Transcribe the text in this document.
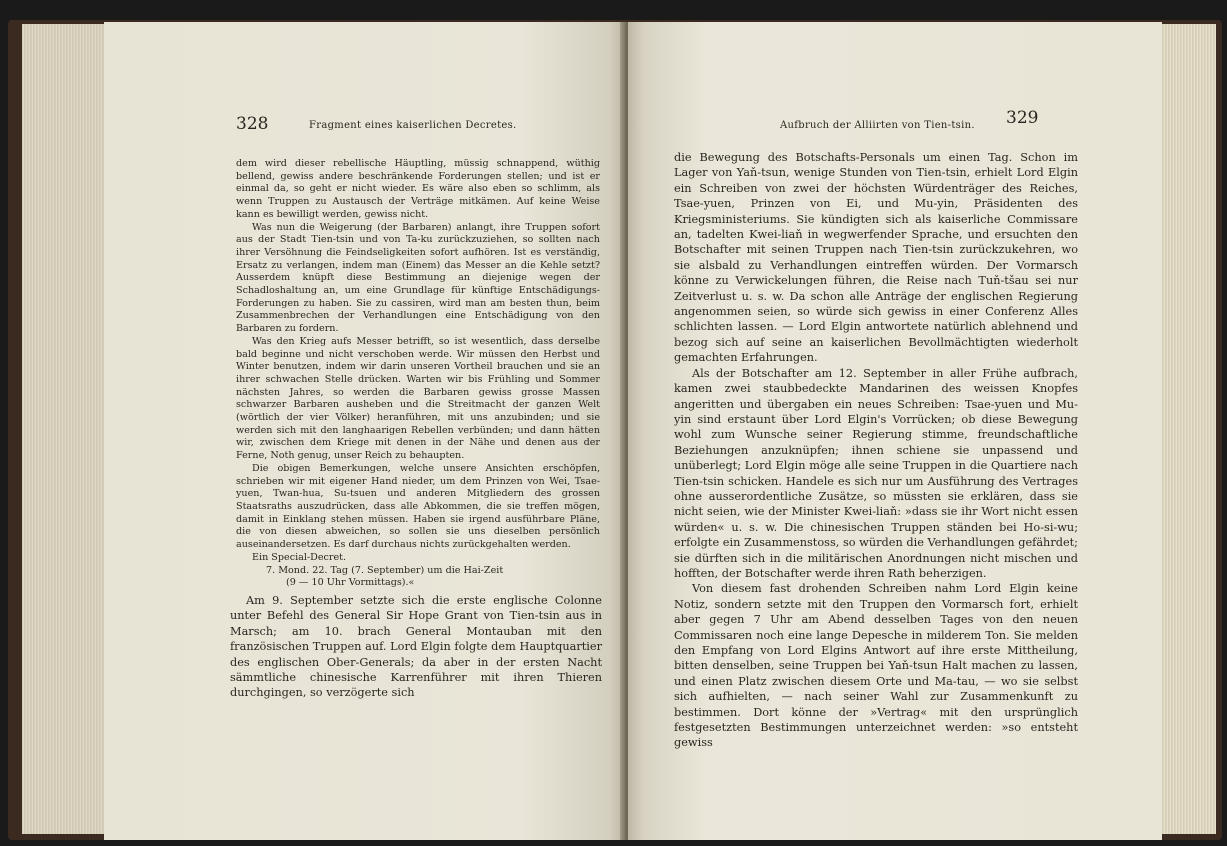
328	Fragment eines kaiserlichen Decretes.

dem wird dieser rebellische Häuptling, müssig schnappend, wüthig bellend, gewiss andere beschränkende Forderungen stellen; und ist er einmal da, so geht er nicht wieder. Es wäre also eben so schlimm, als wenn Truppen zu Austausch der Verträge mitkämen. Auf keine Weise kann es bewilligt werden, gewiss nicht.

Was nun die Weigerung (der Barbaren) anlangt, ihre Truppen sofort aus der Stadt Tien-tsin und von Ta-ku zurückzuziehen, so sollten nach ihrer Versöhnung die Feindseligkeiten sofort aufhören. Ist es verständig, Ersatz zu verlangen, indem man (Einem) das Messer an die Kehle setzt? Ausserdem knüpft diese Bestimmung an diejenige wegen der Schadloshaltung an, um eine Grundlage für künftige Entschädigungs-Forderungen zu haben. Sie zu cassiren, wird man am besten thun, beim Zusammenbrechen der Verhandlungen eine Entschädigung von den Barbaren zu fordern.

Was den Krieg aufs Messer betrifft, so ist wesentlich, dass derselbe bald beginne und nicht verschoben werde. Wir müssen den Herbst und Winter benutzen, indem wir darin unseren Vortheil brauchen und sie an ihrer schwachen Stelle drücken. Warten wir bis Frühling und Sommer nächsten Jahres, so werden die Barbaren gewiss grosse Massen schwarzer Barbaren ausheben und die Streitmacht der ganzen Welt (wörtlich der vier Völker) heranführen, mit uns anzubinden; und sie werden sich mit den langhaarigen Rebellen verbünden; und dann hätten wir, zwischen dem Kriege mit denen in der Nähe und denen aus der Ferne, Noth genug, unser Reich zu behaupten.

Die obigen Bemerkungen, welche unsere Ansichten erschöpfen, schrieben wir mit eigener Hand nieder, um dem Prinzen von Wei, Tsae-yuen, Twan-hua, Su-tsuen und anderen Mitgliedern des grossen Staatsraths auszudrücken, dass alle Abkommen, die sie treffen mögen, damit in Einklang stehen müssen. Haben sie irgend ausführbare Pläne, die von diesen abweichen, so sollen sie uns dieselben persönlich auseinandersetzen. Es darf durchaus nichts zurückgehalten werden.

Ein Special-Decret.

7. Mond. 22. Tag (7. September) um die Hai-Zeit

(9 — 10 Uhr Vormittags).«

Am 9. September setzte sich die erste englische Colonne unter Befehl des General Sir Hope Grant von Tien-tsin aus in Marsch; am 10. brach General Montauban mit den französischen Truppen auf. Lord Elgin folgte dem Hauptquartier des englischen Ober-Generals; da aber in der ersten Nacht sämmtliche chinesische Karrenführer mit ihren Thieren durchgingen, so verzögerte sich

Aufbruch der Alliirten von Tien-tsin. 329

die Bewegung des Botschafts-Personals um einen Tag. Schon im Lager von Yaň-tsun, wenige Stunden von Tien-tsin, erhielt Lord Elgin ein Schreiben von zwei der höchsten Würdenträger des Reiches, Tsae-yuen, Prinzen von Ei, und Mu-yin, Präsidenten des Kriegsministeriums. Sie kündigten sich als kaiserliche Commissare an, tadelten Kwei-liaň in wegwerfender Sprache, und ersuchten den Botschafter mit seinen Truppen nach Tien-tsin zurückzukehren, wo sie alsbald zu Verhandlungen eintreffen würden. Der Vormarsch könne zu Verwickelungen führen, die Reise nach Tuň-tšau sei nur Zeitverlust u. s. w. Da schon alle Anträge der englischen Regierung angenommen seien, so würde sich gewiss in einer Conferenz Alles schlichten lassen. — Lord Elgin antwortete natürlich ablehnend und bezog sich auf seine an kaiserlichen Bevollmächtigten wiederholt gemachten Erfahrungen.

Als der Botschafter am 12. September in aller Frühe aufbrach, kamen zwei staubbedeckte Mandarinen des weissen Knopfes angeritten und übergaben ein neues Schreiben: Tsae-yuen und Mu-yin sind erstaunt über Lord Elgin's Vorrücken; ob diese Bewegung wohl zum Wunsche seiner Regierung stimme, freundschaftliche Beziehungen anzuknüpfen; ihnen schiene sie unpassend und unüberlegt; Lord Elgin möge alle seine Truppen in die Quartiere nach Tien-tsin schicken. Handele es sich nur um Ausführung des Vertrages ohne ausserordentliche Zusätze, so müssten sie erklären, dass sie nicht seien, wie der Minister Kwei-liaň: »dass sie ihr Wort nicht essen würden« u. s. w. Die chinesischen Truppen ständen bei Ho-si-wu; erfolgte ein Zusammenstoss, so würden die Verhandlungen gefährdet; sie dürften sich in die militärischen Anordnungen nicht mischen und hofften, der Botschafter werde ihren Rath beherzigen.

Von diesem fast drohenden Schreiben nahm Lord Elgin keine Notiz, sondern setzte mit den Truppen den Vormarsch fort, erhielt aber gegen 7 Uhr am Abend desselben Tages von den neuen Commissaren noch eine lange Depesche in milderem Ton. Sie melden den Empfang von Lord Elgins Antwort auf ihre erste Mittheilung, bitten denselben, seine Truppen bei Yaň-tsun Halt machen zu lassen, und einen Platz zwischen diesem Orte und Ma-tau, — wo sie selbst sich aufhielten, — nach seiner Wahl zur Zusammenkunft zu bestimmen. Dort könne der »Vertrag« mit den ursprünglich festgesetzten Bestimmungen unterzeichnet werden: »so entsteht gewiss
